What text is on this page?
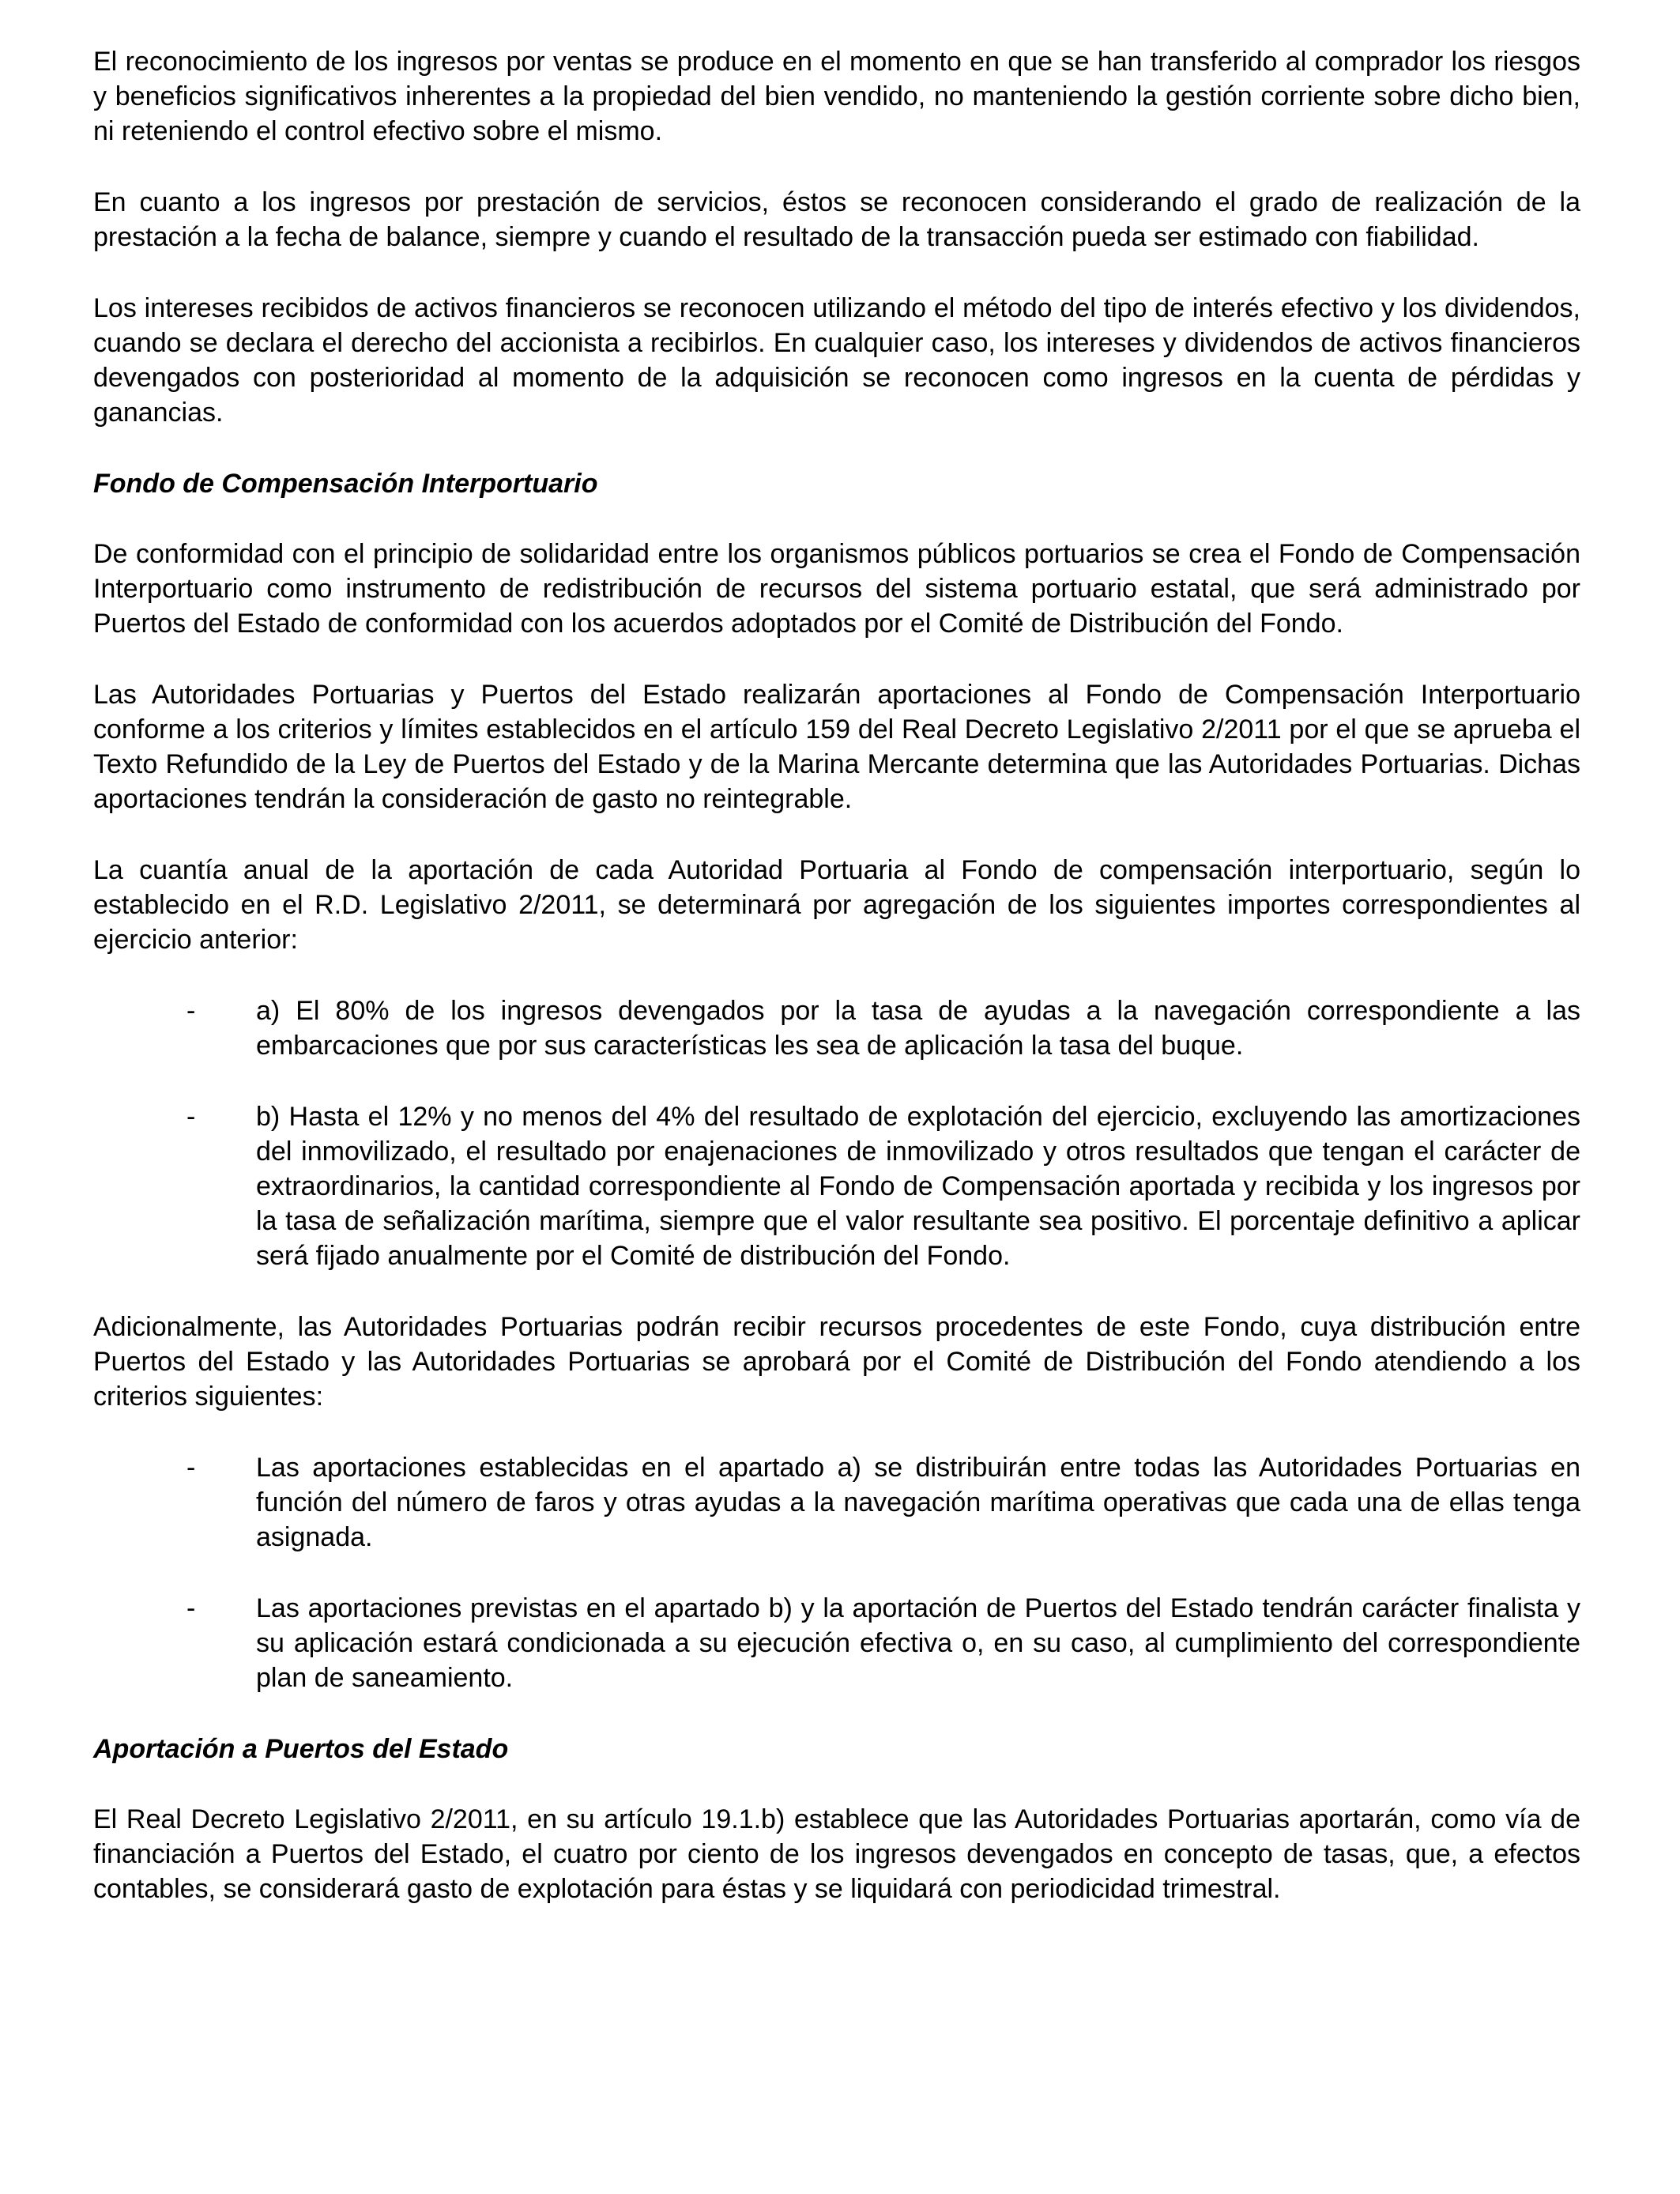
El reconocimiento de los ingresos por ventas se produce en el momento en que se han transferido al comprador los riesgos y beneficios significativos inherentes a la propiedad del bien vendido, no manteniendo la gestión corriente sobre dicho bien, ni reteniendo el control efectivo sobre el mismo.

En cuanto a los ingresos por prestación de servicios, éstos se reconocen considerando el grado de realización de la prestación a la fecha de balance, siempre y cuando el resultado de la transacción pueda ser estimado con fiabilidad.

Los intereses recibidos de activos financieros se reconocen utilizando el método del tipo de interés efectivo y los dividendos, cuando se declara el derecho del accionista a recibirlos. En cualquier caso, los intereses y dividendos de activos financieros devengados con posterioridad al momento de la adquisición se reconocen como ingresos en la cuenta de pérdidas y ganancias.

Fondo de Compensación Interportuario

De conformidad con el principio de solidaridad entre los organismos públicos portuarios se crea el Fondo de Compensación Interportuario como instrumento de redistribución de recursos del sistema portuario estatal, que será administrado por Puertos del Estado de conformidad con los acuerdos adoptados por el Comité de Distribución del Fondo.

Las Autoridades Portuarias y Puertos del Estado realizarán aportaciones al Fondo de Compensación Interportuario conforme a los criterios y límites establecidos en el artículo 159 del Real Decreto Legislativo 2/2011 por el que se aprueba el Texto Refundido de la Ley de Puertos del Estado y de la Marina Mercante determina que las Autoridades Portuarias. Dichas aportaciones tendrán la consideración de gasto no reintegrable.

La cuantía anual de la aportación de cada Autoridad Portuaria al Fondo de compensación interportuario, según lo establecido en el R.D. Legislativo 2/2011, se determinará por agregación de los siguientes importes correspondientes al ejercicio anterior:

- a) El 80% de los ingresos devengados por la tasa de ayudas a la navegación correspondiente a las embarcaciones que por sus características les sea de aplicación la tasa del buque.
- b) Hasta el 12% y no menos del 4% del resultado de explotación del ejercicio, excluyendo las amortizaciones del inmovilizado, el resultado por enajenaciones de inmovilizado y otros resultados que tengan el carácter de extraordinarios, la cantidad correspondiente al Fondo de Compensación aportada y recibida y los ingresos por la tasa de señalización marítima, siempre que el valor resultante sea positivo. El porcentaje definitivo a aplicar será fijado anualmente por el Comité de distribución del Fondo.

Adicionalmente, las Autoridades Portuarias podrán recibir recursos procedentes de este Fondo, cuya distribución entre Puertos del Estado y las Autoridades Portuarias se aprobará por el Comité de Distribución del Fondo atendiendo a los criterios siguientes:

- Las aportaciones establecidas en el apartado a) se distribuirán entre todas las Autoridades Portuarias en función del número de faros y otras ayudas a la navegación marítima operativas que cada una de ellas tenga asignada.
- Las aportaciones previstas en el apartado b) y la aportación de Puertos del Estado tendrán carácter finalista y su aplicación estará condicionada a su ejecución efectiva o, en su caso, al cumplimiento del correspondiente plan de saneamiento.
Aportación a Puertos del Estado

El Real Decreto Legislativo 2/2011, en su artículo 19.1.b) establece que las Autoridades Portuarias aportarán, como vía de financiación a Puertos del Estado, el cuatro por ciento de los ingresos devengados en concepto de tasas, que, a efectos contables, se considerará gasto de explotación para éstas y se liquidará con periodicidad trimestral.
